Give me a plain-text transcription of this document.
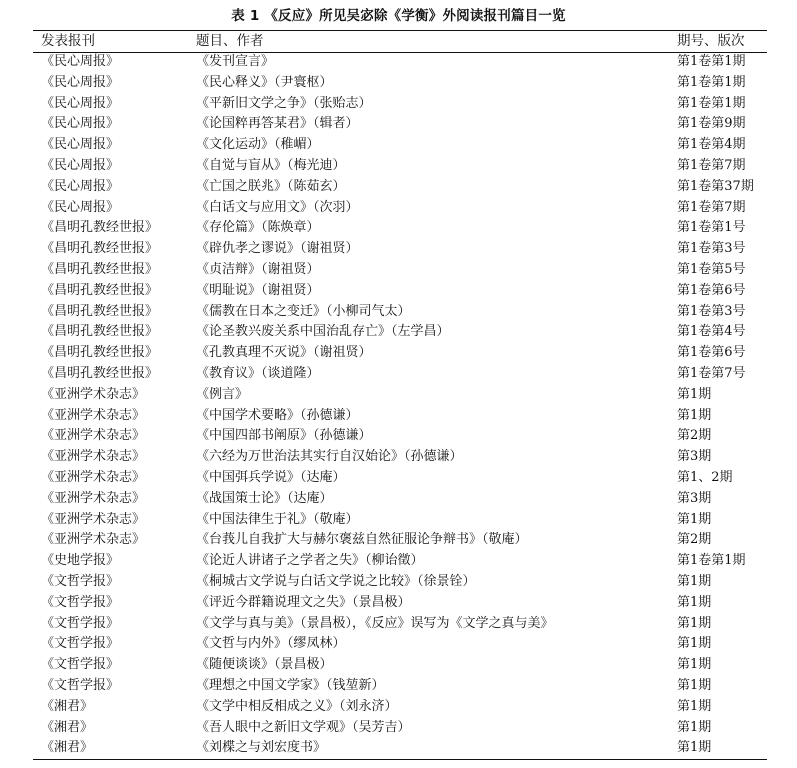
表 1 《反应》所见吴宓除《学衡》外阅读报刊篇目一览
发表报刊	题目、作者	期号、版次
《民心周报》	《发刊宣言》	第1卷第1期
《民心周报》	《民心释义》（尹寰枢）	第1卷第1期
《民心周报》	《平新旧文学之争》（张贻志）	第1卷第1期
《民心周报》	《论国粹再答某君》（辑者）	第1卷第9期
《民心周报》	《文化运动》（稚嵋）	第1卷第4期
《民心周报》	《自觉与盲从》（梅光迪）	第1卷第7期
《民心周报》	《亡国之朕兆》（陈茹玄）	第1卷第37期
《民心周报》	《白话文与应用文》（次羽）	第1卷第7期
《昌明孔教经世报》	《存伦篇》（陈焕章）	第1卷第1号
《昌明孔教经世报》	《辟仇孝之谬说》（谢祖贤）	第1卷第3号
《昌明孔教经世报》	《贞洁辩》（谢祖贤）	第1卷第5号
《昌明孔教经世报》	《明耻说》（谢祖贤）	第1卷第6号
《昌明孔教经世报》	《儒教在日本之变迁》（小柳司气太）	第1卷第3号
《昌明孔教经世报》	《论圣教兴废关系中国治乱存亡》（左学昌）	第1卷第4号
《昌明孔教经世报》	《孔教真理不灭说》（谢祖贤）	第1卷第6号
《昌明孔教经世报》	《教育议》（谈道隆）	第1卷第7号
《亚洲学术杂志》	《例言》	第1期
《亚洲学术杂志》	《中国学术要略》（孙德谦）	第1期
《亚洲学术杂志》	《中国四部书阐原》（孙德谦）	第2期
《亚洲学术杂志》	《六经为万世治法其实行自汉始论》（孙德谦）	第3期
《亚洲学术杂志》	《中国弭兵学说》（达庵）	第1、2期
《亚洲学术杂志》	《战国策士论》（达庵）	第3期
《亚洲学术杂志》	《中国法律生于礼》（敬庵）	第1期
《亚洲学术杂志》	《台莪儿自我扩大与赫尔褒兹自然征服论争辩书》（敬庵）	第2期
《史地学报》	《论近人讲诸子之学者之失》（柳诒徵）	第1卷第1期
《文哲学报》	《桐城古文学说与白话文学说之比较》（徐景铨）	第1期
《文哲学报》	《评近今群籍说理文之失》（景昌极）	第1期
《文哲学报》	《文学与真与美》（景昌极），《反应》误写为《文学之真与美》	第1期
《文哲学报》	《文哲与内外》（缪凤林）	第1期
《文哲学报》	《随便谈谈》（景昌极）	第1期
《文哲学报》	《理想之中国文学家》（钱堃新）	第1期
《湘君》	《文学中相反相成之义》（刘永济）	第1期
《湘君》	《吾人眼中之新旧文学观》（吴芳吉）	第1期
《湘君》	《刘楪之与刘宏度书》	第1期
